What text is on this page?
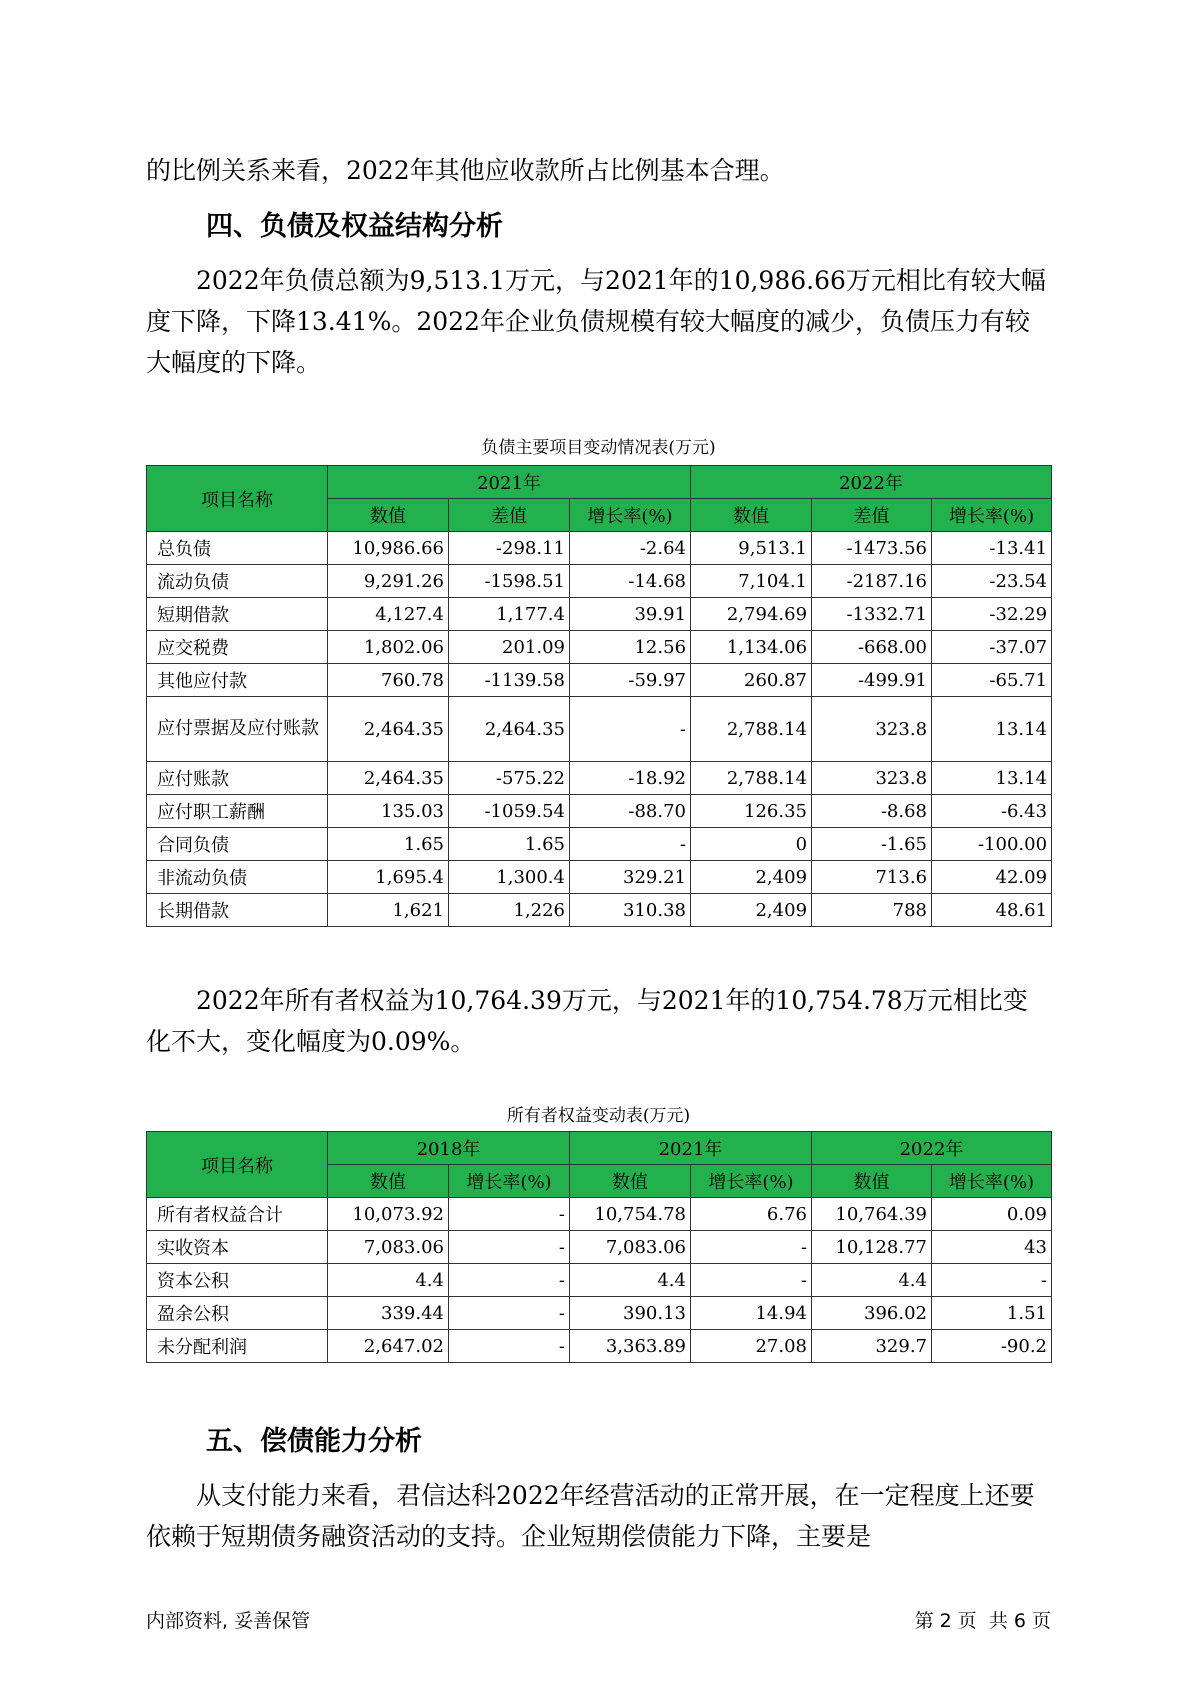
的比例关系来看，2022年其他应收款所占比例基本合理。

四、负债及权益结构分析

2022年负债总额为9,513.1万元，与2021年的10,986.66万元相比有较大幅度下降，下降13.41%。2022年企业负债规模有较大幅度的减少，负债压力有较大幅度的下降。

负债主要项目变动情况表(万元)

项目名称	2021年			2022年		
	数值	差值	增长率(%)	数值	差值	增长率(%)
总负债	10,986.66	-298.11	-2.64	9,513.1	-1473.56	-13.41
流动负债	9,291.26	-1598.51	-14.68	7,104.1	-2187.16	-23.54
短期借款	4,127.4	1,177.4	39.91	2,794.69	-1332.71	-32.29
应交税费	1,802.06	201.09	12.56	1,134.06	-668.00	-37.07
其他应付款	760.78	-1139.58	-59.97	260.87	-499.91	-65.71
应付票据及应付账款	2,464.35	2,464.35	-	2,788.14	323.8	13.14
应付账款	2,464.35	-575.22	-18.92	2,788.14	323.8	13.14
应付职工薪酬	135.03	-1059.54	-88.70	126.35	-8.68	-6.43
合同负债	1.65	1.65	-	0	-1.65	-100.00
非流动负债	1,695.4	1,300.4	329.21	2,409	713.6	42.09
长期借款	1,621	1,226	310.38	2,409	788	48.61

2022年所有者权益为10,764.39万元，与2021年的10,754.78万元相比变化不大，变化幅度为0.09%。

所有者权益变动表(万元)

项目名称	2018年		2021年		2022年	
	数值	增长率(%)	数值	增长率(%)	数值	增长率(%)
所有者权益合计	10,073.92	-	10,754.78	6.76	10,764.39	0.09
实收资本	7,083.06	-	7,083.06	-	10,128.77	43
资本公积	4.4	-	4.4	-	4.4	-
盈余公积	339.44	-	390.13	14.94	396.02	1.51
未分配利润	2,647.02	-	3,363.89	27.08	329.7	-90.2
五、偿债能力分析

从支付能力来看，君信达科2022年经营活动的正常开展，在一定程度上还要依赖于短期债务融资活动的支持。企业短期偿债能力下降，主要是

内部资料, 妥善保管	第 2 页  共 6 页
